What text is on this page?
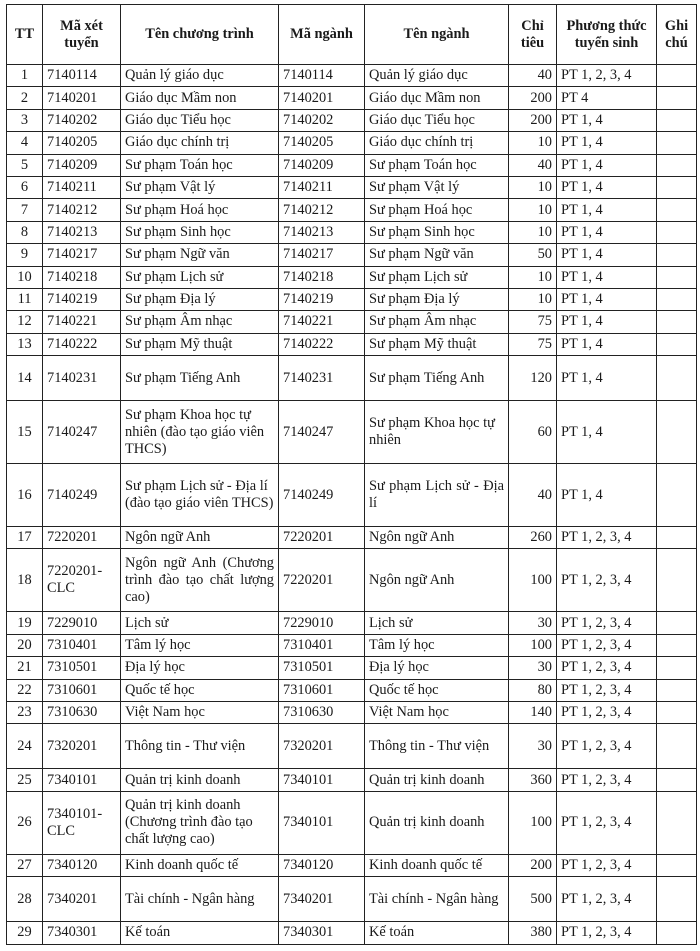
TT	Mã xét tuyển	Tên chương trình	Mã ngành	Tên ngành	Chỉ tiêu	Phương thức tuyển sinh	Ghi chú
1	7140114	Quản lý giáo dục	7140114	Quản lý giáo dục	40	PT 1, 2, 3, 4	
2	7140201	Giáo dục Mầm non	7140201	Giáo dục Mầm non	200	PT 4	
3	7140202	Giáo dục Tiểu học	7140202	Giáo dục Tiểu học	200	PT 1, 4	
4	7140205	Giáo dục chính trị	7140205	Giáo dục chính trị	10	PT 1, 4	
5	7140209	Sư phạm Toán học	7140209	Sư phạm Toán học	40	PT 1, 4	
6	7140211	Sư phạm Vật lý	7140211	Sư phạm Vật lý	10	PT 1, 4	
7	7140212	Sư phạm Hoá học	7140212	Sư phạm Hoá học	10	PT 1, 4	
8	7140213	Sư phạm Sinh học	7140213	Sư phạm Sinh học	10	PT 1, 4	
9	7140217	Sư phạm Ngữ văn	7140217	Sư phạm Ngữ văn	50	PT 1, 4	
10	7140218	Sư phạm Lịch sử	7140218	Sư phạm Lịch sử	10	PT 1, 4	
11	7140219	Sư phạm Địa lý	7140219	Sư phạm Địa lý	10	PT 1, 4	
12	7140221	Sư phạm Âm nhạc	7140221	Sư phạm Âm nhạc	75	PT 1, 4	
13	7140222	Sư phạm Mỹ thuật	7140222	Sư phạm Mỹ thuật	75	PT 1, 4	
14	7140231	Sư phạm Tiếng Anh	7140231	Sư phạm Tiếng Anh	120	PT 1, 4	
15	7140247	Sư phạm Khoa học tự nhiên (đào tạo giáo viên THCS)	7140247	Sư phạm Khoa học tự nhiên	60	PT 1, 4	
16	7140249	Sư phạm Lịch sử - Địa lí (đào tạo giáo viên THCS)	7140249	Sư phạm Lịch sử - Địa lí	40	PT 1, 4	
17	7220201	Ngôn ngữ Anh	7220201	Ngôn ngữ Anh	260	PT 1, 2, 3, 4	
18	7220201-CLC	Ngôn ngữ Anh (Chương trình đào tạo chất lượng cao)	7220201	Ngôn ngữ Anh	100	PT 1, 2, 3, 4	
19	7229010	Lịch sử	7229010	Lịch sử	30	PT 1, 2, 3, 4	
20	7310401	Tâm lý học	7310401	Tâm lý học	100	PT 1, 2, 3, 4	
21	7310501	Địa lý học	7310501	Địa lý học	30	PT 1, 2, 3, 4	
22	7310601	Quốc tế học	7310601	Quốc tế học	80	PT 1, 2, 3, 4	
23	7310630	Việt Nam học	7310630	Việt Nam học	140	PT 1, 2, 3, 4	
24	7320201	Thông tin - Thư viện	7320201	Thông tin - Thư viện	30	PT 1, 2, 3, 4	
25	7340101	Quản trị kinh doanh	7340101	Quản trị kinh doanh	360	PT 1, 2, 3, 4	
26	7340101-CLC	Quản trị kinh doanh (Chương trình đào tạo chất lượng cao)	7340101	Quản trị kinh doanh	100	PT 1, 2, 3, 4	
27	7340120	Kinh doanh quốc tế	7340120	Kinh doanh quốc tế	200	PT 1, 2, 3, 4	
28	7340201	Tài chính - Ngân hàng	7340201	Tài chính - Ngân hàng	500	PT 1, 2, 3, 4	
29	7340301	Kế toán	7340301	Kế toán	380	PT 1, 2, 3, 4	
